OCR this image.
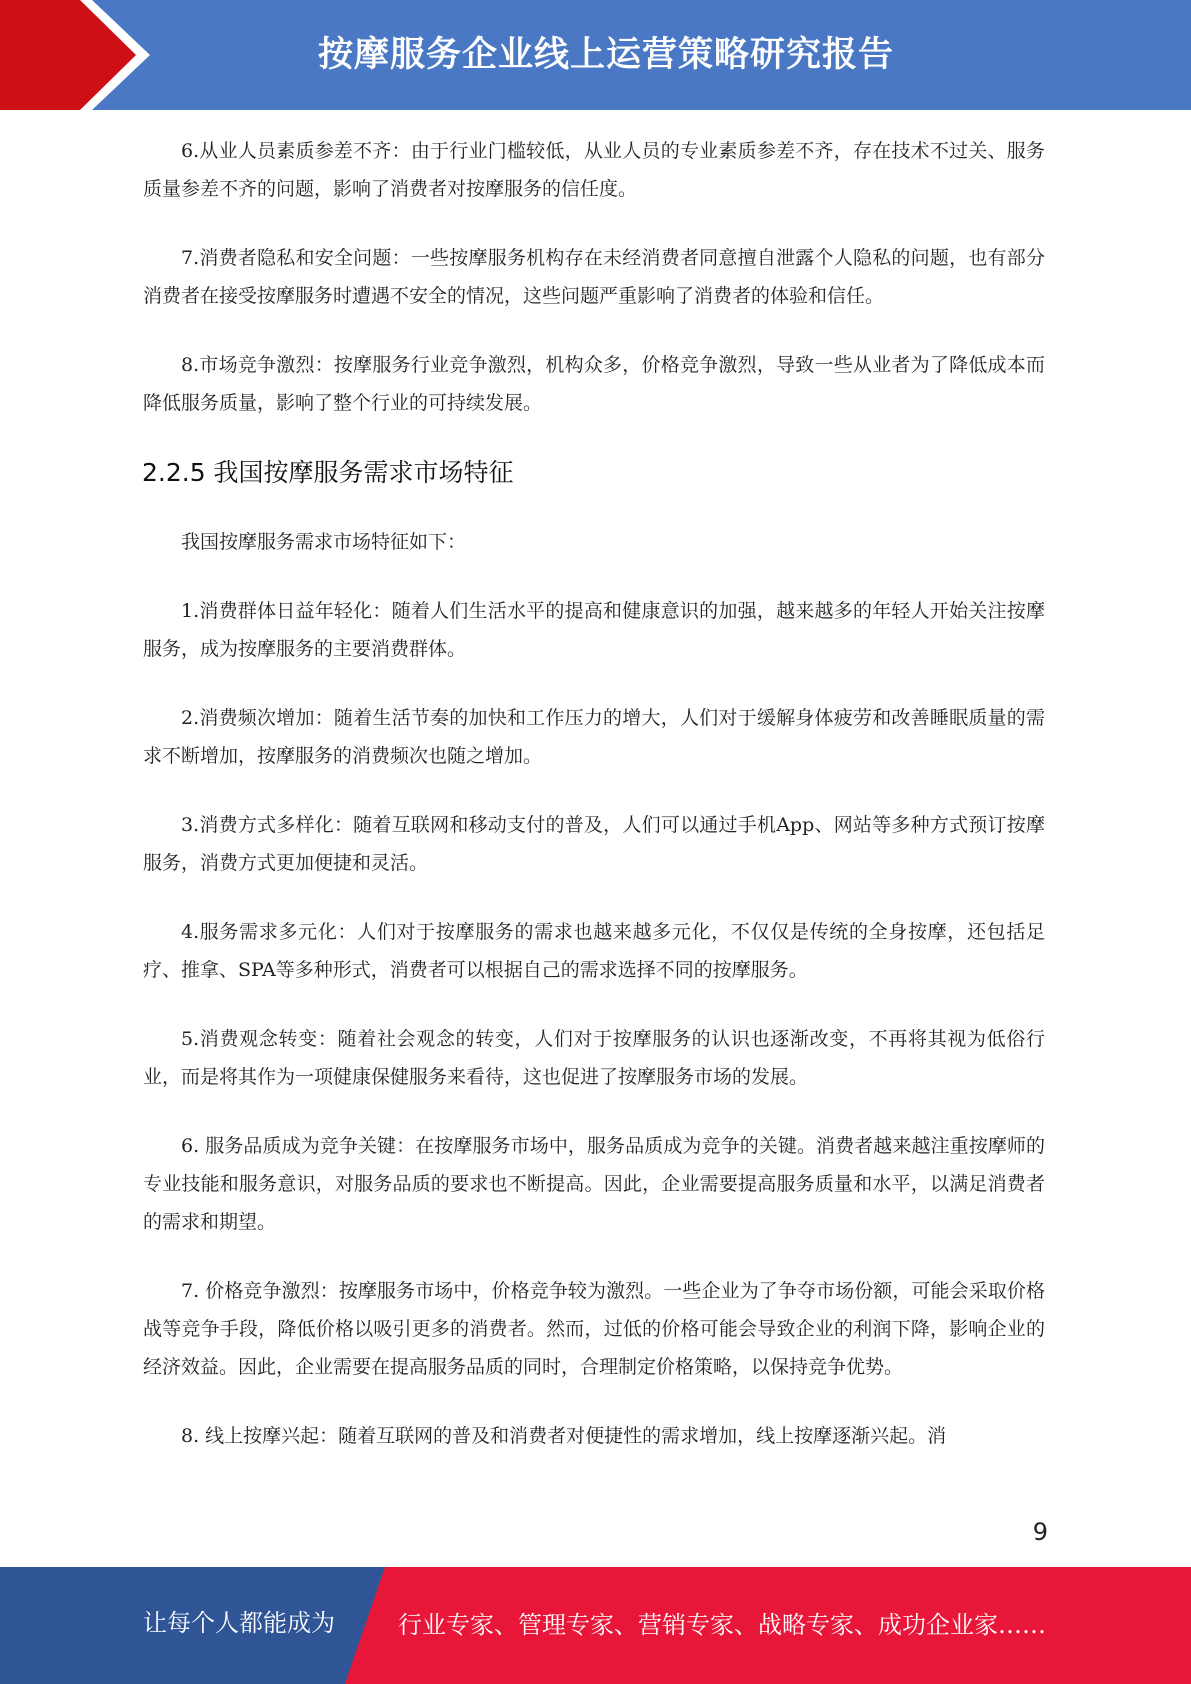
按摩服务企业线上运营策略研究报告

6.从业人员素质参差不齐：由于行业门槛较低，从业人员的专业素质参差不齐，存在技术不过关、服务质量参差不齐的问题，影响了消费者对按摩服务的信任度。

7.消费者隐私和安全问题：一些按摩服务机构存在未经消费者同意擅自泄露个人隐私的问题，也有部分消费者在接受按摩服务时遭遇不安全的情况，这些问题严重影响了消费者的体验和信任。

8.市场竞争激烈：按摩服务行业竞争激烈，机构众多，价格竞争激烈，导致一些从业者为了降低成本而降低服务质量，影响了整个行业的可持续发展。

2.2.5 我国按摩服务需求市场特征

我国按摩服务需求市场特征如下：

1.消费群体日益年轻化：随着人们生活水平的提高和健康意识的加强，越来越多的年轻人开始关注按摩服务，成为按摩服务的主要消费群体。

2.消费频次增加：随着生活节奏的加快和工作压力的增大，人们对于缓解身体疲劳和改善睡眠质量的需求不断增加，按摩服务的消费频次也随之增加。

3.消费方式多样化：随着互联网和移动支付的普及，人们可以通过手机App、网站等多种方式预订按摩服务，消费方式更加便捷和灵活。

4.服务需求多元化：人们对于按摩服务的需求也越来越多元化，不仅仅是传统的全身按摩，还包括足疗、推拿、SPA等多种形式，消费者可以根据自己的需求选择不同的按摩服务。

5.消费观念转变：随着社会观念的转变，人们对于按摩服务的认识也逐渐改变，不再将其视为低俗行业，而是将其作为一项健康保健服务来看待，这也促进了按摩服务市场的发展。

6. 服务品质成为竞争关键：在按摩服务市场中，服务品质成为竞争的关键。消费者越来越注重按摩师的专业技能和服务意识，对服务品质的要求也不断提高。因此，企业需要提高服务质量和水平，以满足消费者的需求和期望。

7. 价格竞争激烈：按摩服务市场中，价格竞争较为激烈。一些企业为了争夺市场份额，可能会采取价格战等竞争手段，降低价格以吸引更多的消费者。然而，过低的价格可能会导致企业的利润下降，影响企业的经济效益。因此，企业需要在提高服务品质的同时，合理制定价格策略，以保持竞争优势。

8. 线上按摩兴起：随着互联网的普及和消费者对便捷性的需求增加，线上按摩逐渐兴起。消

9
让每个人都能成为	行业专家、管理专家、营销专家、战略专家、成功企业家……
